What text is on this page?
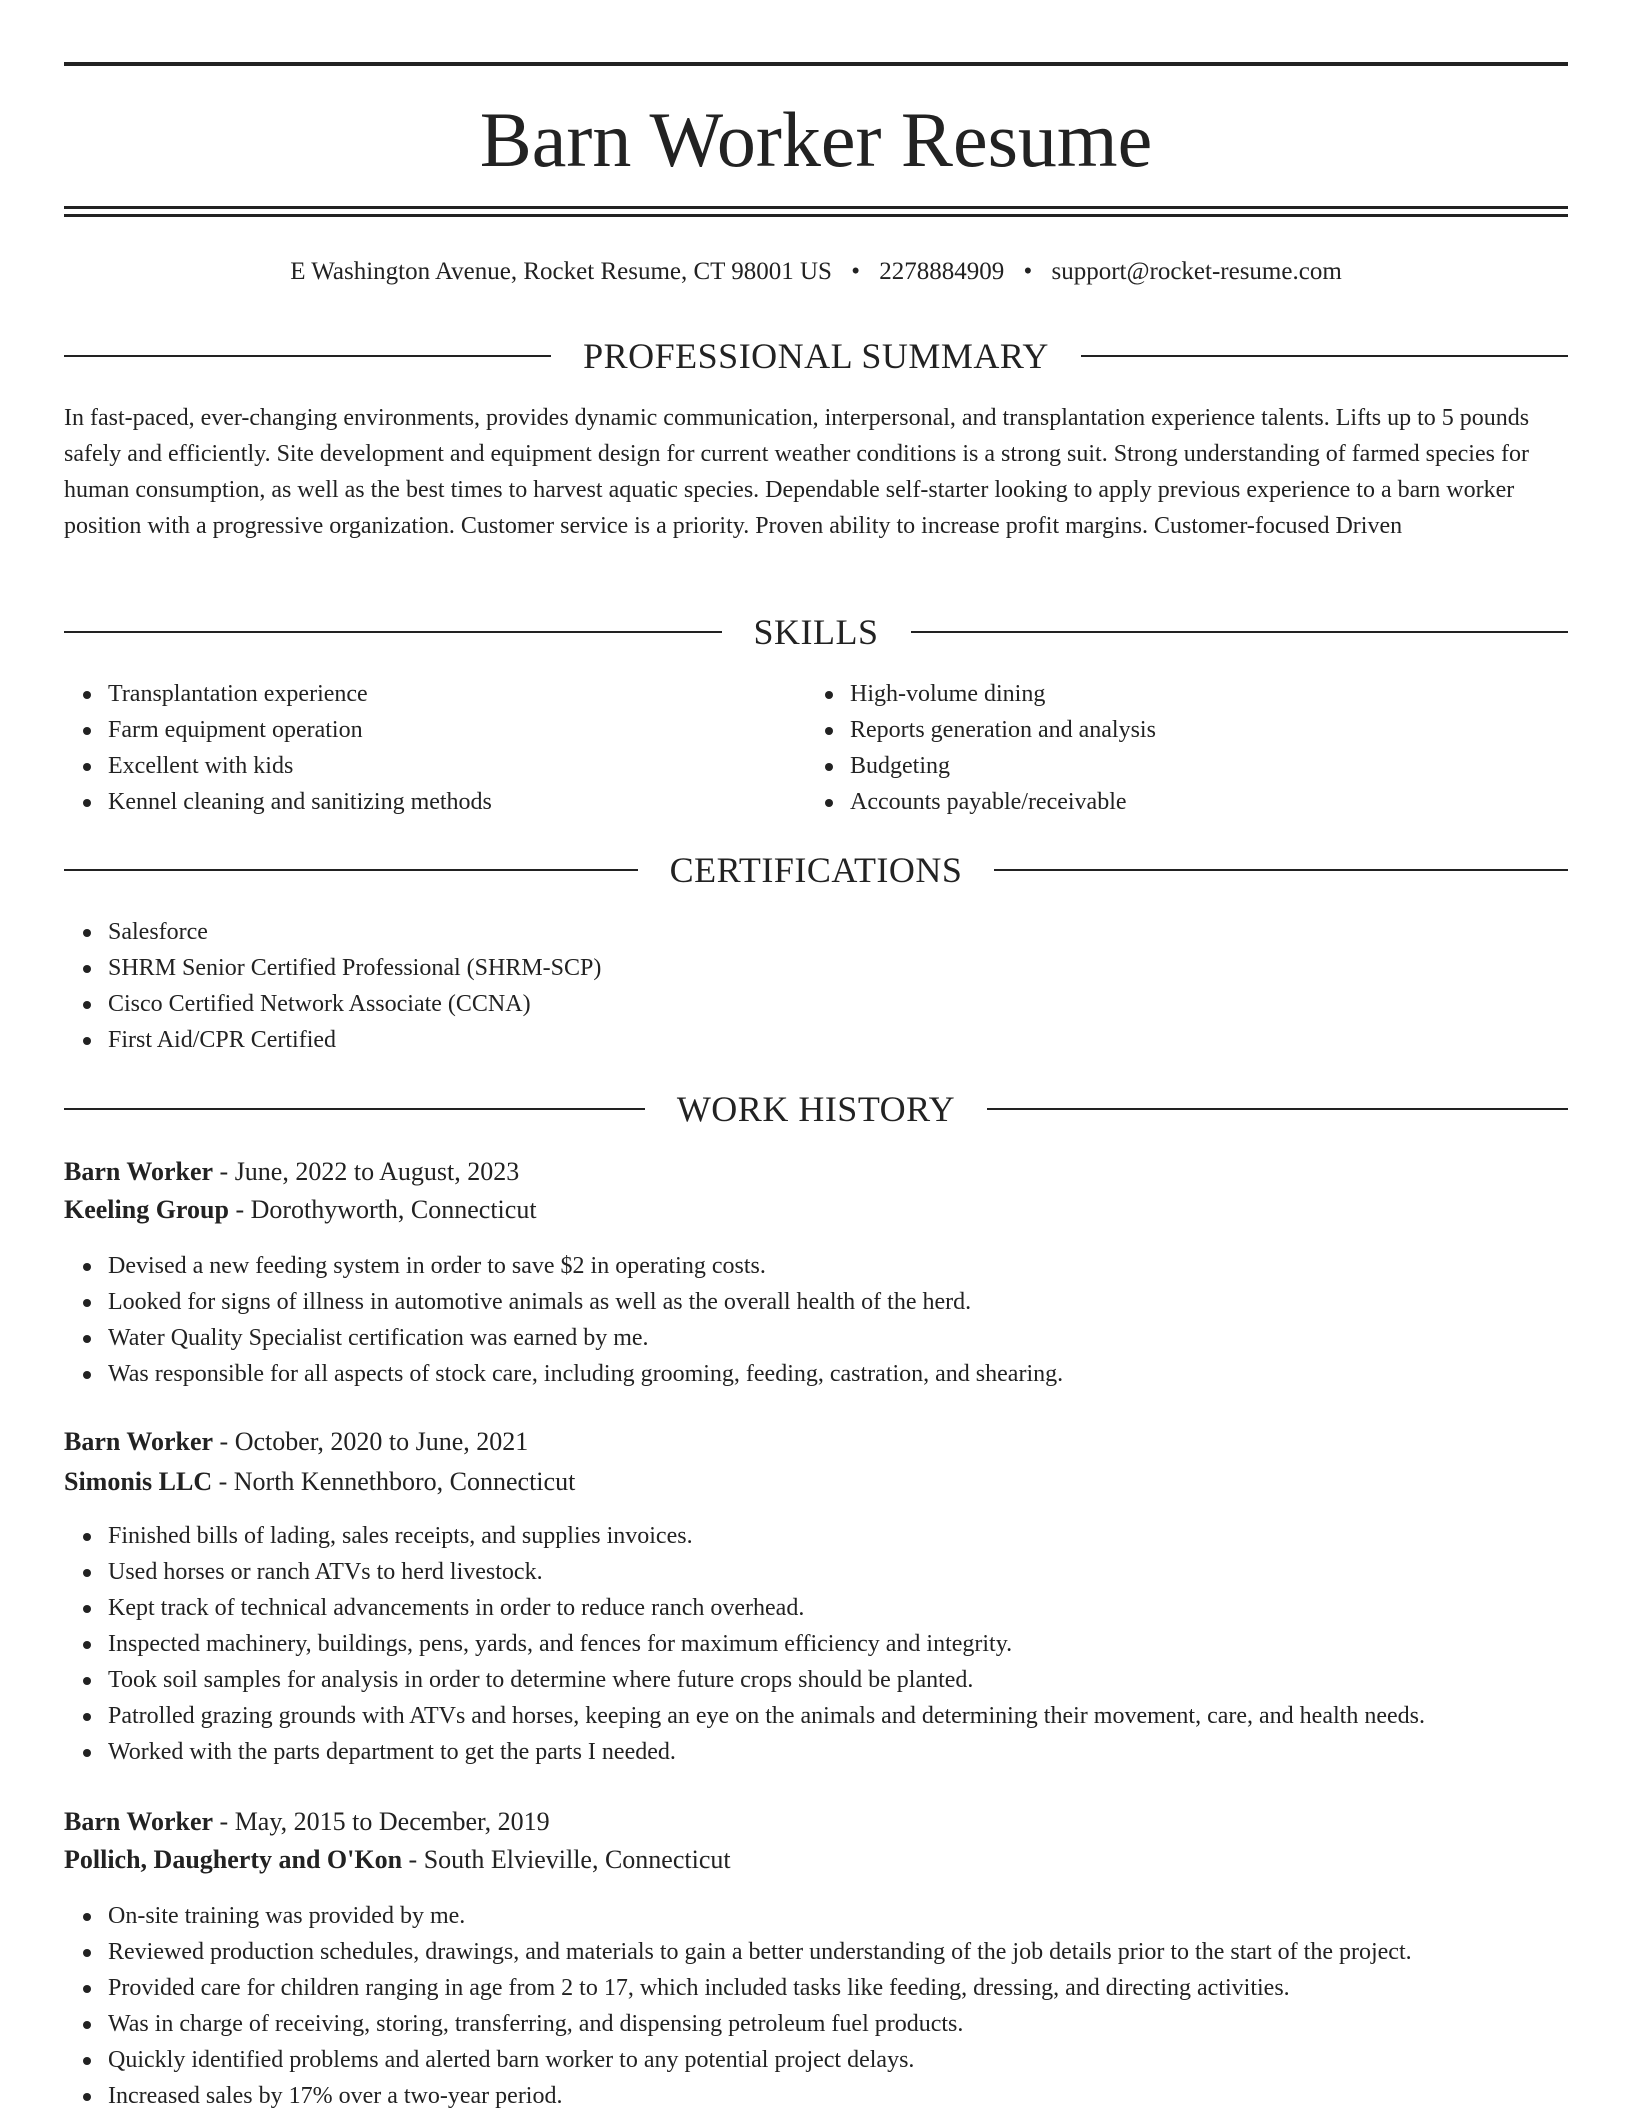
Barn Worker Resume
E Washington Avenue, Rocket Resume, CT 98001 US • 2278884909 • support@rocket-resume.com
PROFESSIONAL SUMMARY

In fast-paced, ever-changing environments, provides dynamic communication, interpersonal, and transplantation experience talents. Lifts up to 5 pounds safely and efficiently. Site development and equipment design for current weather conditions is a strong suit. Strong understanding of farmed species for human consumption, as well as the best times to harvest aquatic species. Dependable self-starter looking to apply previous experience to a barn worker position with a progressive organization. Customer service is a priority. Proven ability to increase profit margins. Customer-focused Driven

SKILLS
Transplantation experience
Farm equipment operation
Excellent with kids
Kennel cleaning and sanitizing methods
High-volume dining
Reports generation and analysis
Budgeting
Accounts payable/receivable
CERTIFICATIONS
Salesforce
SHRM Senior Certified Professional (SHRM-SCP)
Cisco Certified Network Associate (CCNA)
First Aid/CPR Certified
WORK HISTORY
Barn Worker - June, 2022 to August, 2023
Keeling Group - Dorothyworth, Connecticut
Devised a new feeding system in order to save $2 in operating costs.
Looked for signs of illness in automotive animals as well as the overall health of the herd.
Water Quality Specialist certification was earned by me.
Was responsible for all aspects of stock care, including grooming, feeding, castration, and shearing.
Barn Worker - October, 2020 to June, 2021
Simonis LLC - North Kennethboro, Connecticut
Finished bills of lading, sales receipts, and supplies invoices.
Used horses or ranch ATVs to herd livestock.
Kept track of technical advancements in order to reduce ranch overhead.
Inspected machinery, buildings, pens, yards, and fences for maximum efficiency and integrity.
Took soil samples for analysis in order to determine where future crops should be planted.
Patrolled grazing grounds with ATVs and horses, keeping an eye on the animals and determining their movement, care, and health needs.
Worked with the parts department to get the parts I needed.
Barn Worker - May, 2015 to December, 2019
Pollich, Daugherty and O'Kon - South Elvieville, Connecticut
On-site training was provided by me.
Reviewed production schedules, drawings, and materials to gain a better understanding of the job details prior to the start of the project.
Provided care for children ranging in age from 2 to 17, which included tasks like feeding, dressing, and directing activities.
Was in charge of receiving, storing, transferring, and dispensing petroleum fuel products.
Quickly identified problems and alerted barn worker to any potential project delays.
Increased sales by 17% over a two-year period.
